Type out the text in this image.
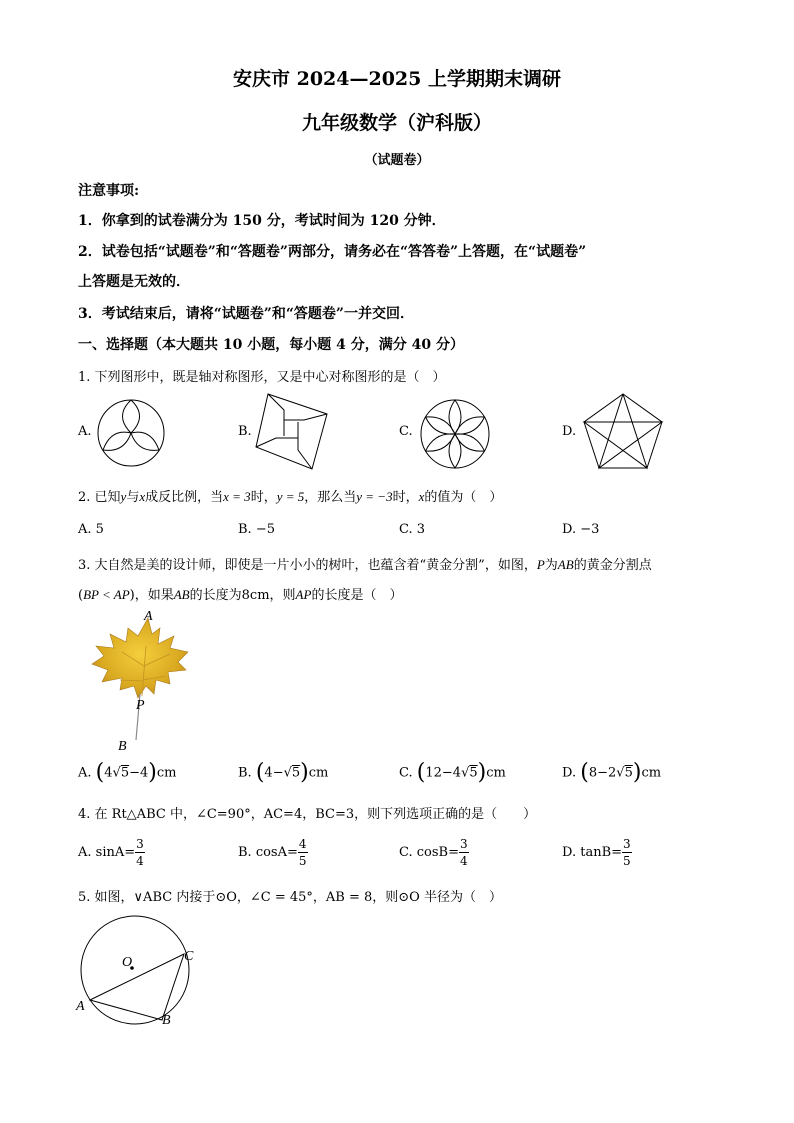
安庆市 2024—2025 上学期期末调研
九年级数学（沪科版）
（试题卷）
注意事项:
1．你拿到的试卷满分为 150 分，考试时间为 120 分钟．
2．试卷包括“试题卷”和“答题卷”两部分，请务必在“答答卷”上答题，在“试题卷”
上答题是无效的．
3．考试结束后，请将“试题卷”和“答题卷”一并交回．
一、选择题（本大题共 10 小题，每小题 4 分，满分 40 分）
1. 下列图形中，既是轴对称图形，又是中心对称图形的是（　）
A.	B.	C.	D.
2. 已知y与x成反比例，当x = 3时，y = 5，那么当y = −3时，x的值为（　）
A. 5	B. −5	C. 3	D. −3
3. 大自然是美的设计师，即使是一片小小的树叶，也蕴含着“黄金分割”，如图，P为AB的黄金分割点
(BP < AP)，如果AB的长度为8cm，则AP的长度是（　）
A
P
B
A. (4√5−4)cm	B. (4−√5)cm	C. (12−4√5)cm	D. (8−2√5)cm
4. 在 Rt△ABC 中，∠C=90°，AC=4，BC=3，则下列选项正确的是（　　）
A. $\sin A= \frac{3}{4}$	B. $\cos A= \frac{4}{5}$	C. $\cos B= \frac{3}{4}$	D. $\tan B= \frac{3}{5}$
5. 如图，∨ABC 内接于⊙O，∠C = 45°，AB = 8，则⊙O 半径为（　）
O
A
B
C
